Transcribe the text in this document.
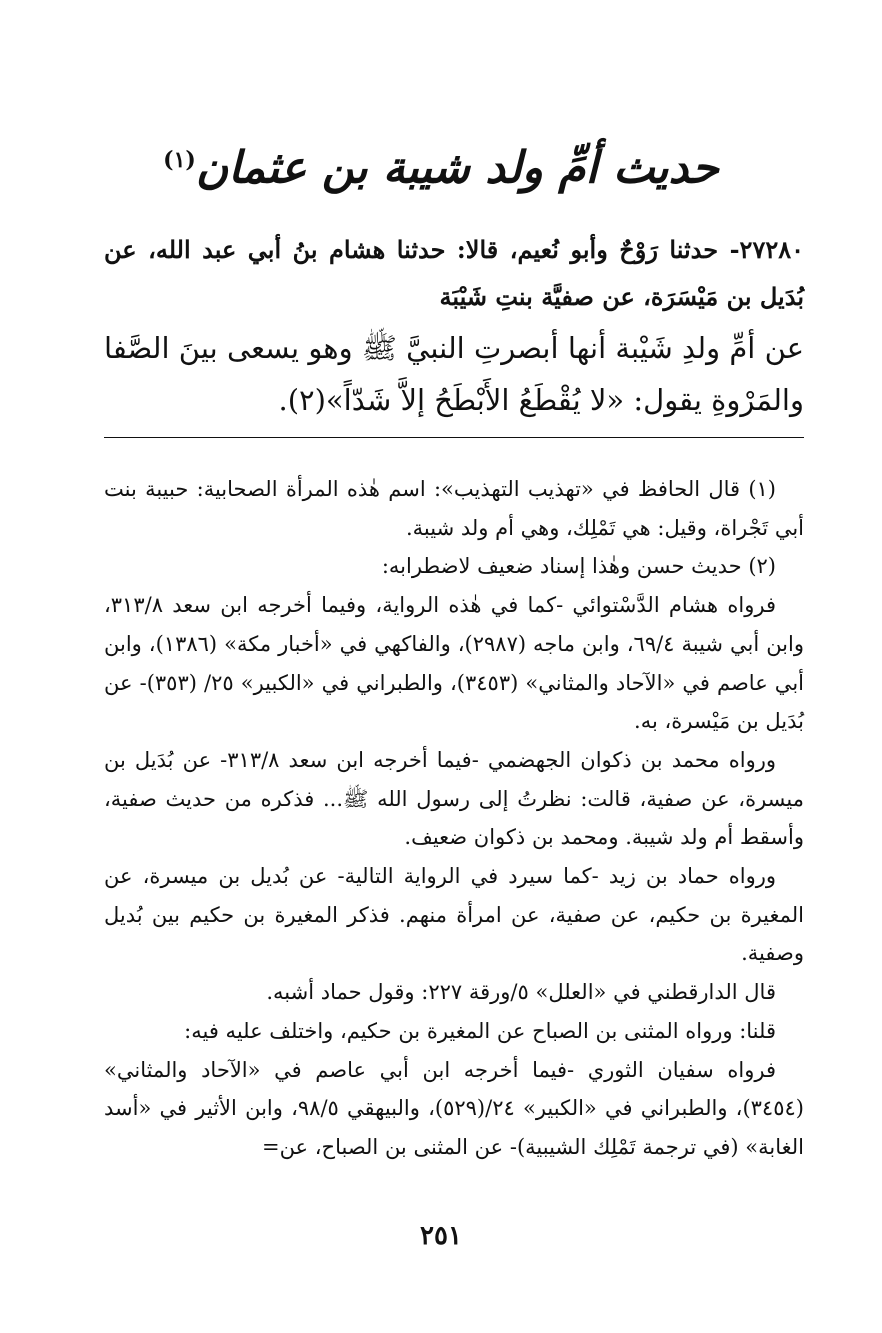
حديث أمِّ ولد شيبة بن عثمان$^{(١)}$
٢٧٢٨٠- حدثنا رَوْحٌ وأبو نُعيم، قالا: حدثنا هشام بنُ أبي عبد الله، عن بُدَيل بن مَيْسَرَة، عن صفيَّة بنتِ شَيْبَة
عن أمِّ ولدِ شَيْبة أنها أبصرتِ النبيَّ ﷺ وهو يسعى بينَ الصَّفا والمَرْوةِ يقول: «لا يُقْطَعُ الأَبْطَحُ إلاَّ شَدّاً»(٢).

(١) قال الحافظ في «تهذيب التهذيب»: اسم هٰذه المرأة الصحابية: حبيبة بنت أبي تَجْراة، وقيل: هي تَمْلِك، وهي أم ولد شيبة.

(٢) حديث حسن وهٰذا إسناد ضعيف لاضطرابه:

فرواه هشام الدَّسْتوائي -كما في هٰذه الرواية، وفيما أخرجه ابن سعد ٣١٣/٨، وابن أبي شيبة ٦٩/٤، وابن ماجه (٢٩٨٧)، والفاكهي في «أخبار مكة» (١٣٨٦)، وابن أبي عاصم في «الآحاد والمثاني» (٣٤٥٣)، والطبراني في «الكبير» ٢٥/ (٣٥٣)- عن بُدَيل بن مَيْسرة، به.

ورواه محمد بن ذكوان الجهضمي -فيما أخرجه ابن سعد ٣١٣/٨- عن بُدَيل بن ميسرة، عن صفية، قالت: نظرتُ إلى رسول الله ﷺ... فذكره من حديث صفية، وأسقط أم ولد شيبة. ومحمد بن ذكوان ضعيف.

ورواه حماد بن زيد -كما سيرد في الرواية التالية- عن بُديل بن ميسرة، عن المغيرة بن حكيم، عن صفية، عن امرأة منهم. فذكر المغيرة بن حكيم بين بُديل وصفية.

قال الدارقطني في «العلل» ٥/ورقة ٢٢٧: وقول حماد أشبه.

قلنا: ورواه المثنى بن الصباح عن المغيرة بن حكيم، واختلف عليه فيه:

فرواه سفيان الثوري -فيما أخرجه ابن أبي عاصم في «الآحاد والمثاني» (٣٤٥٤)، والطبراني في «الكبير» ٢٤/(٥٢٩)، والبيهقي ٩٨/٥، وابن الأثير في «أسد الغابة» (في ترجمة تَمْلِك الشيبية)- عن المثنى بن الصباح، عن=

٢٥١
